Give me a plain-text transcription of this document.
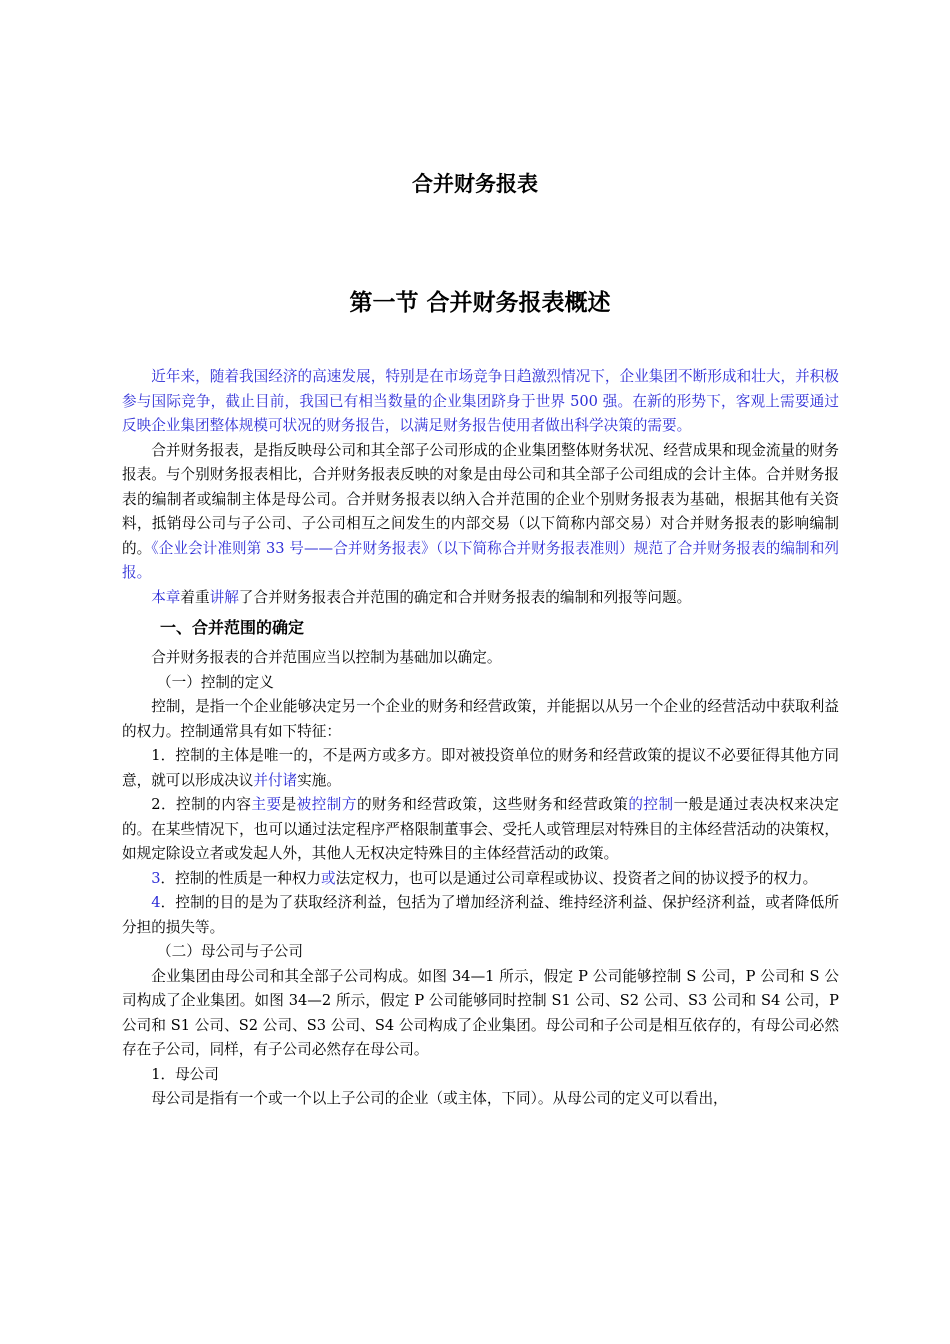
合并财务报表
第一节 合并财务报表概述

近年来，随着我国经济的高速发展，特别是在市场竞争日趋激烈情况下，企业集团不断形成和壮大，并积极参与国际竞争，截止目前，我国已有相当数量的企业集团跻身于世界 500 强。在新的形势下，客观上需要通过反映企业集团整体规模可状况的财务报告，以满足财务报告使用者做出科学决策的需要。

合并财务报表，是指反映母公司和其全部子公司形成的企业集团整体财务状况、经营成果和现金流量的财务报表。与个别财务报表相比，合并财务报表反映的对象是由母公司和其全部子公司组成的会计主体。合并财务报表的编制者或编制主体是母公司。合并财务报表以纳入合并范围的企业个别财务报表为基础，根据其他有关资料，抵销母公司与子公司、子公司相互之间发生的内部交易（以下简称内部交易）对合并财务报表的影响编制的。《企业会计准则第 33 号——合并财务报表》（以下简称合并财务报表准则）规范了合并财务报表的编制和列报。

本章着重讲解了合并财务报表合并范围的确定和合并财务报表的编制和列报等问题。

一、合并范围的确定

合并财务报表的合并范围应当以控制为基础加以确定。

（一）控制的定义

控制，是指一个企业能够决定另一个企业的财务和经营政策，并能据以从另一个企业的经营活动中获取利益的权力。控制通常具有如下特征：

1．控制的主体是唯一的，不是两方或多方。即对被投资单位的财务和经营政策的提议不必要征得其他方同意，就可以形成决议并付诸实施。

2．控制的内容主要是被控制方的财务和经营政策，这些财务和经营政策的控制一般是通过表决权来决定的。在某些情况下，也可以通过法定程序严格限制董事会、受托人或管理层对特殊目的主体经营活动的决策权，如规定除设立者或发起人外，其他人无权决定特殊目的主体经营活动的政策。

3．控制的性质是一种权力或法定权力，也可以是通过公司章程或协议、投资者之间的协议授予的权力。

4．控制的目的是为了获取经济利益，包括为了增加经济利益、维持经济利益、保护经济利益，或者降低所分担的损失等。

（二）母公司与子公司

企业集团由母公司和其全部子公司构成。如图 34—1 所示，假定 P 公司能够控制 S 公司，P 公司和 S 公司构成了企业集团。如图 34—2 所示，假定 P 公司能够同时控制 S1 公司、S2 公司、S3 公司和 S4 公司，P 公司和 S1 公司、S2 公司、S3 公司、S4 公司构成了企业集团。母公司和子公司是相互依存的，有母公司必然存在子公司，同样，有子公司必然存在母公司。

1．母公司

母公司是指有一个或一个以上子公司的企业（或主体，下同）。从母公司的定义可以看出，
